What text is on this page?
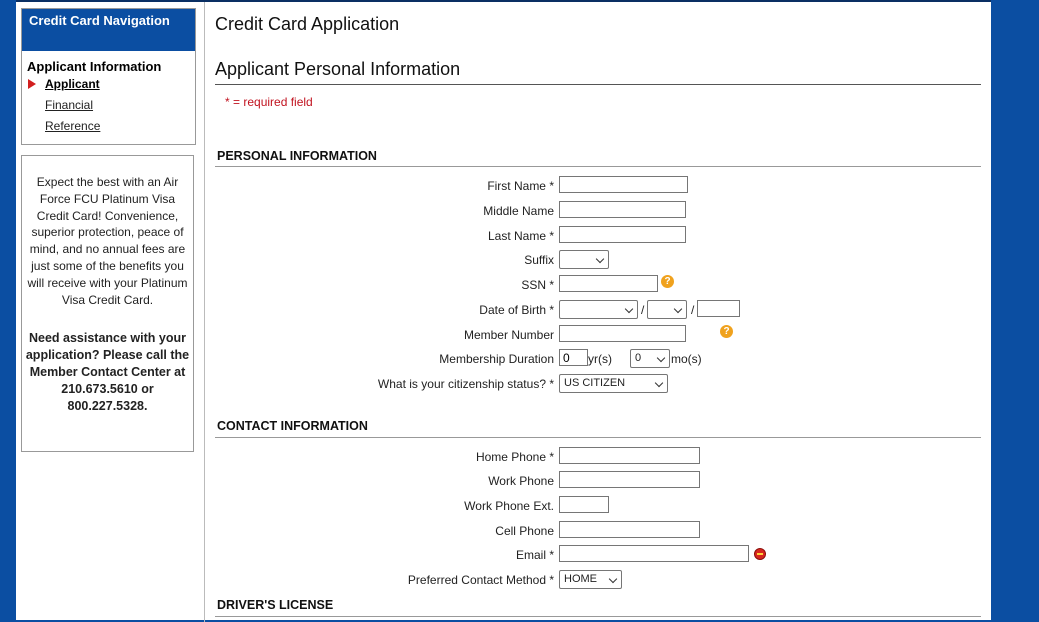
Credit Card Navigation
Applicant Information
Applicant
Financial
Reference

Expect the best with an Air Force FCU Platinum Visa Credit Card! Convenience, superior protection, peace of mind, and no annual fees are just some of the benefits you will receive with your Platinum Visa Credit Card.

Need assistance with your application? Please call the Member Contact Center at 210.673.5610 or 800.227.5328.

Credit Card Application
Applicant Personal Information
* = required field
PERSONAL INFORMATION
First Name *
Middle Name
Last Name *
Suffix
SSN *	?
Date of Birth *	/	/
Member Number	?
Membership Duration
0	yr(s)	0	mo(s)
What is your citizenship status? * US CITIZEN
CONTACT INFORMATION
Home Phone *
Work Phone
Work Phone Ext.
Cell Phone
Email *
Preferred Contact Method * HOME
DRIVER'S LICENSE
